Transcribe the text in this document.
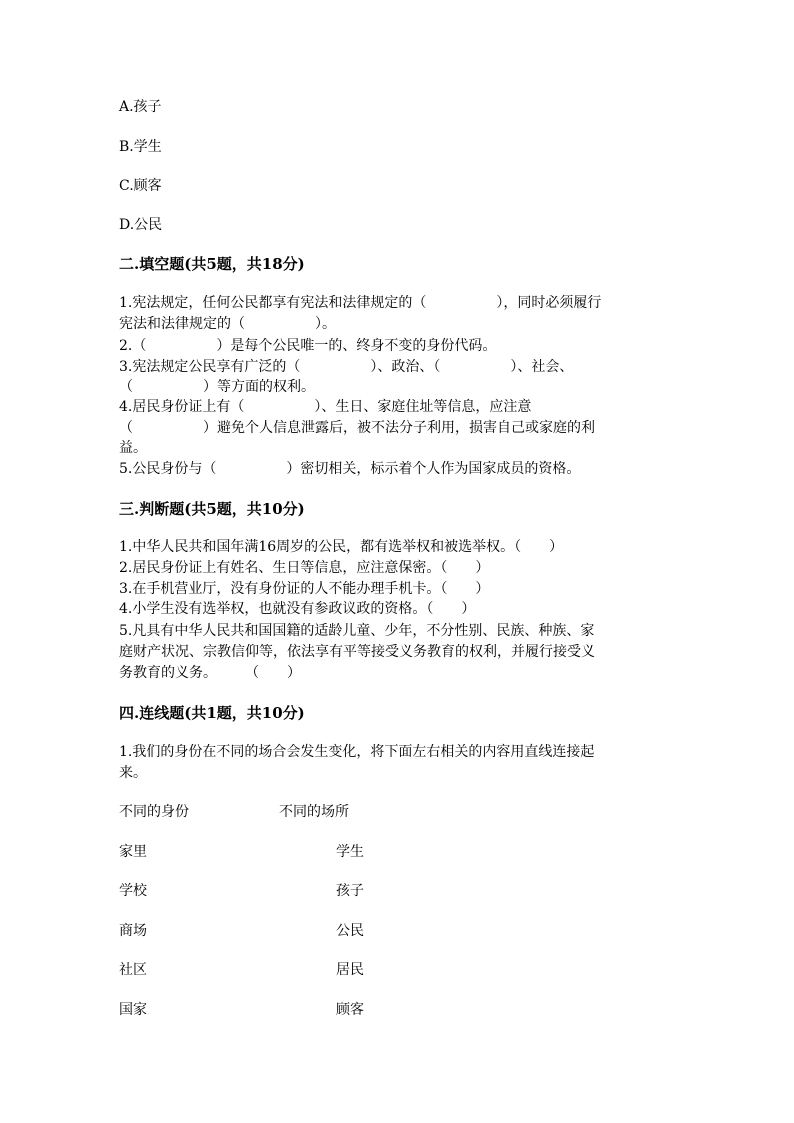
A.孩子
B.学生
C.顾客
D.公民
二.填空题(共5题，共18分)
1.宪法规定，任何公民都享有宪法和法律规定的（　　　　　），同时必须履行
宪法和法律规定的（　　　　　）。
2.（　　　　　）是每个公民唯一的、终身不变的身份代码。
3.宪法规定公民享有广泛的（　　　　　）、政治、（　　　　　）、社会、
（　　　　　）等方面的权利。
4.居民身份证上有（　　　　　）、生日、家庭住址等信息，应注意
（　　　　　）避免个人信息泄露后，被不法分子利用，损害自己或家庭的利
益。
5.公民身份与（　　　　　）密切相关，标示着个人作为国家成员的资格。
三.判断题(共5题，共10分)
1.中华人民共和国年满16周岁的公民，都有选举权和被选举权。（　　）
2.居民身份证上有姓名、生日等信息，应注意保密。（　　）
3.在手机营业厅，没有身份证的人不能办理手机卡。（　　）
4.小学生没有选举权，也就没有参政议政的资格。（　　）
5.凡具有中华人民共和国国籍的适龄儿童、少年，不分性别、民族、种族、家
庭财产状况、宗教信仰等，依法享有平等接受义务教育的权利，并履行接受义
务教育的义务。　　　（　　）
四.连线题(共1题，共10分)
1.我们的身份在不同的场合会发生变化，将下面左右相关的内容用直线连接起
来。
不同的身份	不同的场所
家里	学生
学校	孩子
商场	公民
社区	居民
国家	顾客
